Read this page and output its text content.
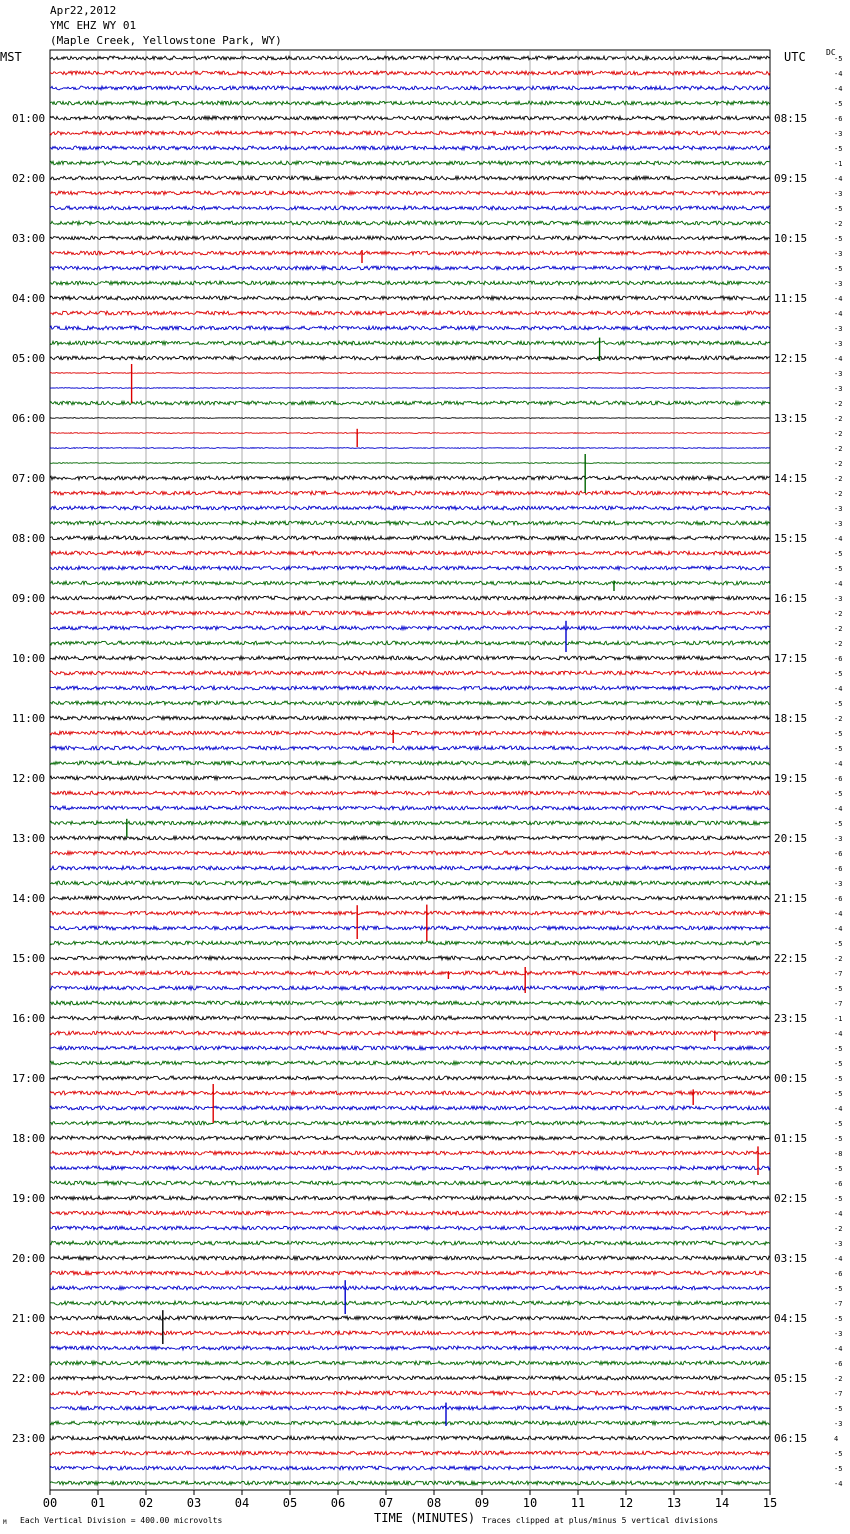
Apr22,2012
YMC EHZ WY 01
(Maple Creek, Yellowstone Park, WY)
01:00	08:15
02:00	09:15
03:00	10:15
04:00	11:15
05:00	12:15
06:00	13:15
07:00	14:15
08:00	15:15
09:00	16:15
10:00	17:15
11:00	18:15
12:00	19:15
13:00	20:15
14:00	21:15
15:00	22:15
16:00	23:15
17:00	00:15
18:00	01:15
19:00	02:15
20:00	03:15
21:00	04:15
22:00	05:15
23:00	06:15
-5
-4
-4
-5
-6
-3
-5
-1
-4
-3
-5
-2
-5
-3
-5
-3
-4
-4
-3
-3
-4
-3
-3
-2
-2
-2
-2
-2
-2
-2
-3
-3
-4
-5
-5
-4
-3
-2
-2
-2
-6
-5
-4
-5
-2
-5
-5
-4
-6
-5
-4
-5
-3
-6
-6
-3
-6
-4
-4
-5
-2
-7
-5
-7
-1
-4
-5
-5
-5
-5
-4
-5
-5
-8
-5
-6
-5
-4
-2
-3
-4
-6
-5
-7
-5
-3
-4
-6
-2
-7
-5
-3
4
-5
-5
-4
00	01	02	03	04	05	06	07	08	09	10	11	12	13	14	15
MST	UTC	DC
TIME (MINUTES)
Each Vertical Division = 400.00 microvolts	Traces clipped at plus/minus 5 vertical divisions
M
